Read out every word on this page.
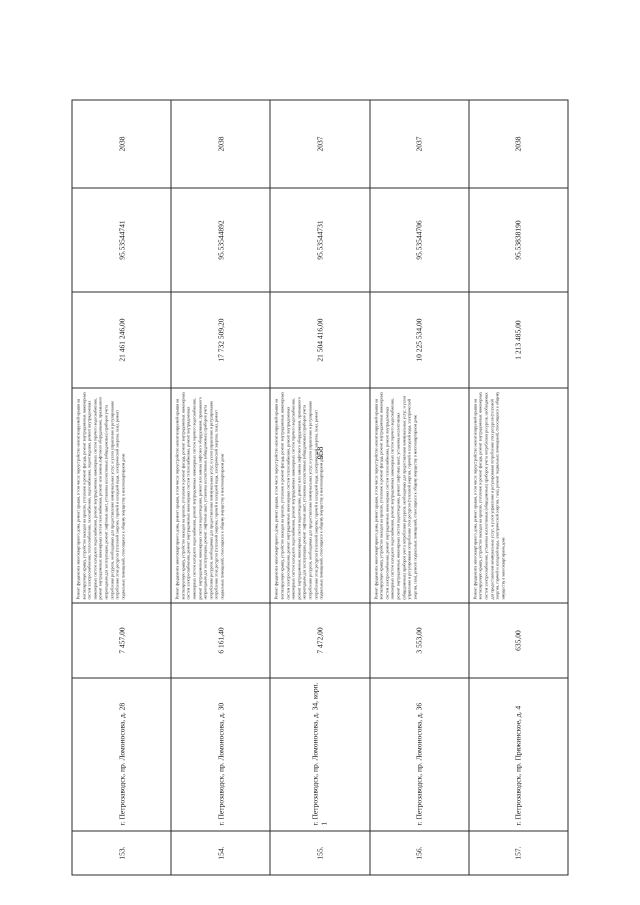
958
153.	г. Петрозаводск, пр. Ломоносова, д. 28	7 457,00	Ремонт фундамента многоквартирного дома, ремонт крыши, в том числе переустройство невентилируемой крыши на вентилируемую крышу, устройство выходов на кровлю, утепление и ремонт фасада, ремонт внутридомовых инженерных систем электроснабжения, теплоснабжения, газоснабжения, водоснабжения, водоотведения, ремонт внутридомовых инженерных систем холодного водоснабжения, ремонт внутридомовых инженерных систем горячего водоснабжения, ремонт внутридомовых инженерных систем газоснабжения, ремонт или замена лифтового оборудования, признанного непригодным для эксплуатации, ремонт лифтовых шахт, установка коллективных (общедомовых) приборов учета потребления ресурсов, необходимых для предоставления коммунальных услуг, и узлов управления и регулирования потребления этих ресурсов (тепловой энергии, горячей и холодной воды, электрической энергии, газа), ремонт подвальных помещений, относящихся к общему имуществу в многоквартирном доме	21 461 246,00	95.53544741	2038
154.	г. Петрозаводск, пр. Ломоносова, д. 30	6 161,40	Ремонт фундамента многоквартирного дома, ремонт крыши, в том числе переустройство невентилируемой крыши на вентилируемую крышу, устройство выходов на кровлю, утепление и ремонт фасада, ремонт внутридомовых инженерных систем электроснабжения, ремонт внутридомовых инженерных систем теплоснабжения, ремонт внутридомовых инженерных систем холодного водоснабжения, ремонт внутридомовых инженерных систем горячего водоснабжения, ремонт внутридомовых инженерных систем водоотведения, ремонт или замена лифтового оборудования, признанного непригодным для эксплуатации, ремонт лифтовых шахт, установка коллективных (общедомовых) приборов учета потребления ресурсов, необходимых для предоставления коммунальных услуг, и узлов управления и регулирования потребления этих ресурсов (тепловой энергии, горячей и холодной воды, электрической энергии, газа), ремонт подвальных помещений, относящихся к общему имуществу в многоквартирном доме	17 732 509,20	95.53544892	2038
155.	г. Петрозаводск, пр. Ломоносова, д. 34, корп. 1	7 472,00	Ремонт фундамента многоквартирного дома, ремонт крыши, в том числе переустройство невентилируемой крыши на вентилируемую крышу, устройство выходов на кровлю, утепление и ремонт фасада, ремонт внутридомовых инженерных систем электроснабжения, ремонт внутридомовых инженерных систем теплоснабжения, ремонт внутридомовых инженерных систем холодного водоснабжения, ремонт внутридомовых инженерных систем горячего водоснабжения, ремонт внутридомовых инженерных систем водоотведения, ремонт или замена лифтового оборудования, признанного непригодным для эксплуатации, ремонт лифтовых шахт, установка коллективных (общедомовых) приборов учета потребления ресурсов, необходимых для предоставления коммунальных услуг, и узлов управления и регулирования потребления этих ресурсов (тепловой энергии, горячей и холодной воды, электрической энергии, газа), ремонт подвальных помещений, относящихся к общему имуществу в многоквартирном доме	21 504 416,00	95.53544731	2037
156.	г. Петрозаводск, пр. Ломоносова, д. 36	3 553,00	Ремонт фундамента многоквартирного дома, ремонт крыши, в том числе переустройство невентилируемой крыши на вентилируемую крышу, устройство выходов на кровлю, утепление и ремонт фасада, ремонт внутридомовых инженерных систем электроснабжения, ремонт внутридомовых инженерных систем теплоснабжения, ремонт внутридомовых инженерных систем холодного водоснабжения, ремонт внутридомовых инженерных систем горячего водоснабжения, ремонт внутридомовых инженерных систем водоотведения, ремонт лифтовых шахт, установка коллективных (общедомовых) приборов учета потребления ресурсов, необходимых для предоставления коммунальных услуг, и узлов управления и регулирования потребления этих ресурсов (тепловой энергии, горячей и холодной воды, электрической энергии, газа), ремонт подвальных помещений, относящихся к общему имуществу в многоквартирном доме	10 225 534,00	95.53544706	2037
157.	г. Петрозаводск, пр. Пряжинское, д. 4	635,00	Ремонт фундамента многоквартирного дома, ремонт крыши, в том числе переустройство невентилируемой крыши на вентилируемую крышу, устройство выходов на кровлю, утепление и ремонт фасада, ремонт внутридомовых инженерных систем электроснабжения, установка коллективных (общедомовых) приборов учета потребления ресурсов, необходимых для предоставления коммунальных услуг, и узлов управления и регулирования потребления этих ресурсов (тепловой энергии, горячей и холодной воды, электрической энергии, газа), ремонт подвальных помещений, относящихся к общему имуществу в многоквартирном доме	1 213 485,00	95.53838190	2038
